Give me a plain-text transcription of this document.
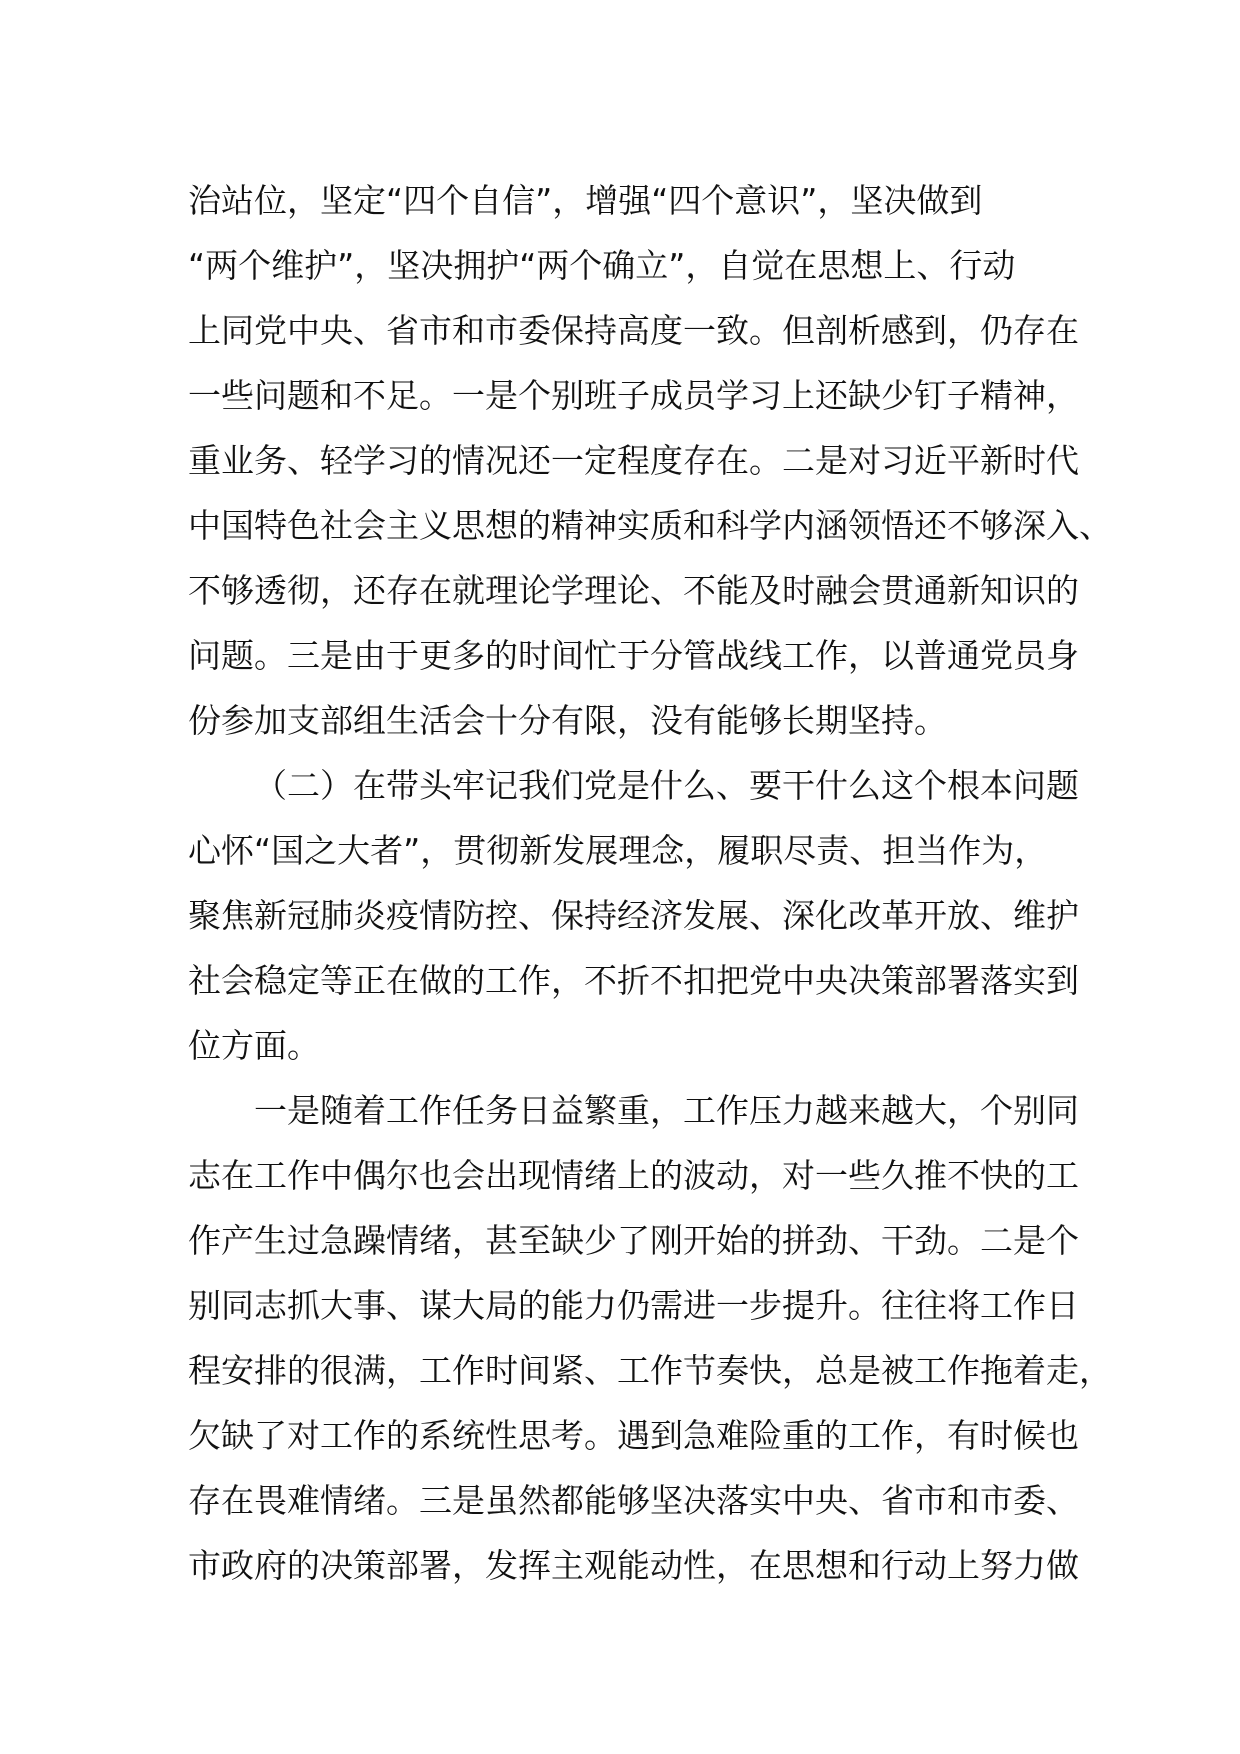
治站位，坚定“四个自信”，增强“四个意识”，坚决做到
“两个维护”，坚决拥护“两个确立”，自觉在思想上、行动
上同党中央、省市和市委保持高度一致。但剖析感到，仍存在
一些问题和不足。一是个别班子成员学习上还缺少钉子精神，
重业务、轻学习的情况还一定程度存在。二是对习近平新时代
中国特色社会主义思想的精神实质和科学内涵领悟还不够深入、
不够透彻，还存在就理论学理论、不能及时融会贯通新知识的
问题。三是由于更多的时间忙于分管战线工作，以普通党员身
份参加支部组生活会十分有限，没有能够长期坚持。
（二）在带头牢记我们党是什么、要干什么这个根本问题
心怀“国之大者”，贯彻新发展理念，履职尽责、担当作为，
聚焦新冠肺炎疫情防控、保持经济发展、深化改革开放、维护
社会稳定等正在做的工作，不折不扣把党中央决策部署落实到
位方面。
一是随着工作任务日益繁重，工作压力越来越大，个别同
志在工作中偶尔也会出现情绪上的波动，对一些久推不快的工
作产生过急躁情绪，甚至缺少了刚开始的拼劲、干劲。二是个
别同志抓大事、谋大局的能力仍需进一步提升。往往将工作日
程安排的很满，工作时间紧、工作节奏快，总是被工作拖着走，
欠缺了对工作的系统性思考。遇到急难险重的工作，有时候也
存在畏难情绪。三是虽然都能够坚决落实中央、省市和市委、
市政府的决策部署，发挥主观能动性，在思想和行动上努力做
